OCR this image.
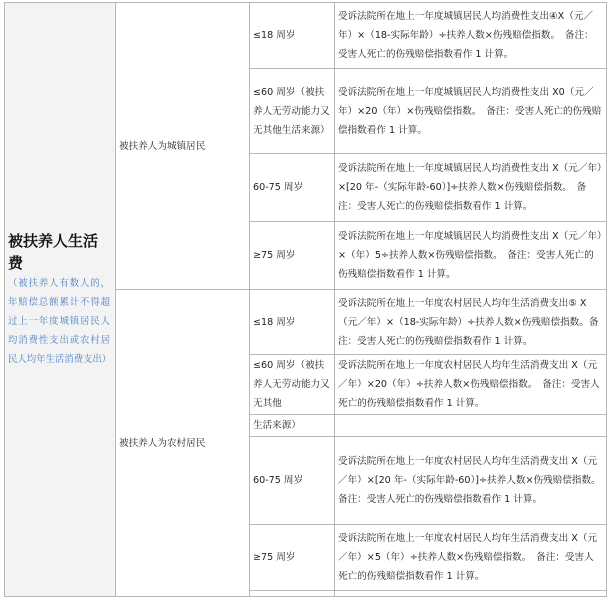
被扶养人生活费
（被扶养人有数人的，年赔偿总额累计不得超过上一年度城镇居民人均消费性支出或农村居民人均年生活消费支出）	被扶养人为城镇居民	≤18 周岁	受诉法院所在地上一年度城镇居民人均消费性支出④X（元／年）×（18-实际年龄）÷扶养人数×伤残赔偿指数。　备注：受害人死亡的伤残赔偿指数看作 1 计算。
		≤60 周岁（被扶养人无劳动能力又无其他生活来源）	受诉法院所在地上一年度城镇居民人均消费性支出 X0（元／年）×20（年）×伤残赔偿指数。　备注：受害人死亡的伤残赔偿指数看作 1 计算。
		60-75 周岁	受诉法院所在地上一年度城镇居民人均消费性支出 X（元／年）×[20 年-（实际年龄-60）]÷扶养人数×伤残赔偿指数。　备注：受害人死亡的伤残赔偿指数看作 1 计算。
		≥75 周岁	受诉法院所在地上一年度城镇居民人均消费性支出 X（元／年）×（年）5÷扶养人数×伤残赔偿指数。　备注：受害人死亡的伤残赔偿指数看作 1 计算。
	被扶养人为农村居民	≤18 周岁	受诉法院所在地上一年度农村居民人均年生活消费支出⑤ X（元／年）×（18-实际年龄）÷扶养人数×伤残赔偿指数。备注：受害人死亡的伤残赔偿指数看作 1 计算。
		≤60 周岁（被扶养人无劳动能力又无其他	受诉法院所在地上一年度农村居民人均年生活消费支出 X（元／年）×20（年）÷扶养人数×伤残赔偿指数。　备注：受害人死亡的伤残赔偿指数看作 1 计算。
		生活来源）	
		60-75 周岁	受诉法院所在地上一年度农村居民人均年生活消费支出 X（元／年）×[20 年-（实际年龄-60）]÷扶养人数×伤残赔偿指数。
备注：受害人死亡的伤残赔偿指数看作 1 计算。
		≥75 周岁	受诉法院所在地上一年度农村居民人均年生活消费支出 X（元／年）×5（年）÷扶养人数×伤残赔偿指数。　备注：受害人死亡的伤残赔偿指数看作 1 计算。
